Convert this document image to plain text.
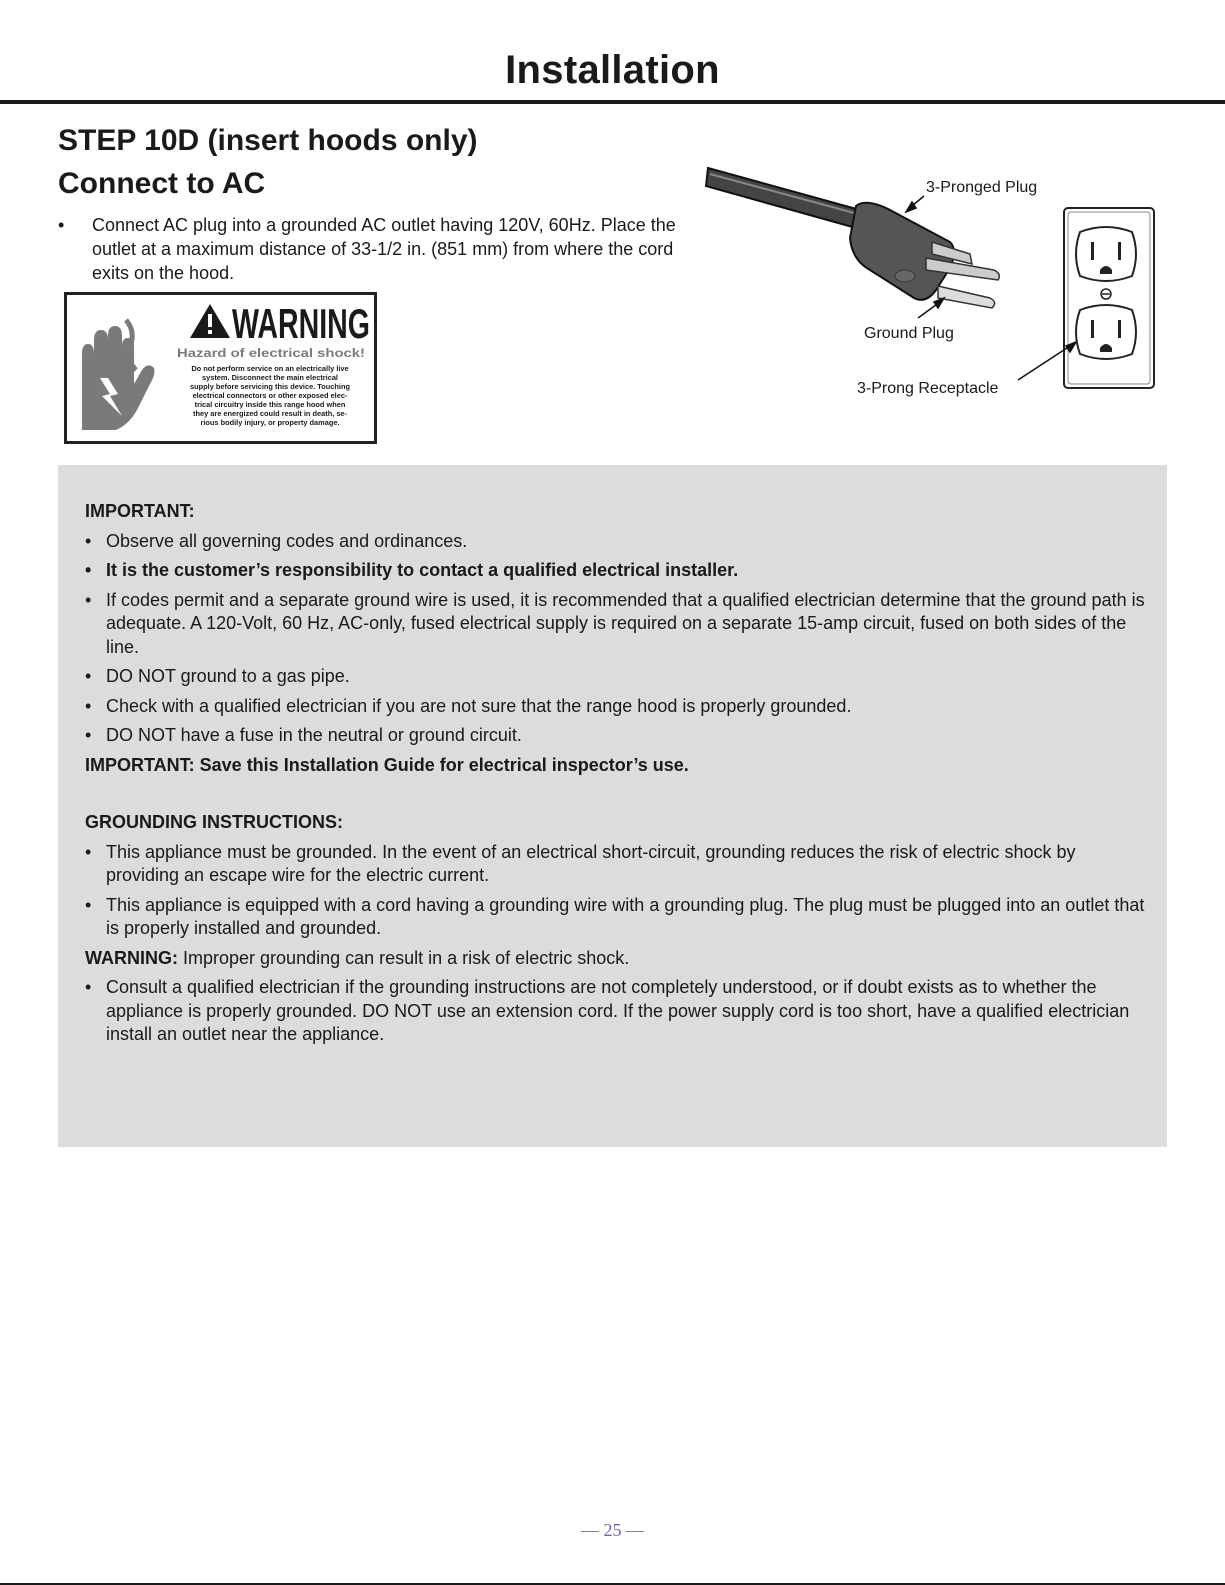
Installation
STEP 10D (insert hoods only)
Connect to AC
• Connect AC plug into a grounded AC outlet having 120V, 60Hz. Place the outlet at a maximum distance of 33-1/2 in. (851 mm) from where the cord exits on the hood.
WARNING
Hazard of electrical shock!
Do not perform service on an electrically live
system. Disconnect the main electrical
supply before servicing this device. Touching
electrical connectors or other exposed elec-
trical circuitry inside this range hood when
they are energized could result in death, se-
rious bodily injury, or property damage.
3-Pronged Plug
Ground Plug
3-Prong Receptacle

IMPORTANT:

• Observe all governing codes and ordinances.
• It is the customer’s responsibility to contact a qualified electrical installer.
• If codes permit and a separate ground wire is used, it is recommended that a qualified electrician determine that the ground path is adequate. A 120-Volt, 60 Hz, AC-only, fused electrical supply is required on a separate 15-amp circuit, fused on both sides of the line.
• DO NOT ground to a gas pipe.
• Check with a qualified electrician if you are not sure that the range hood is properly grounded.
• DO NOT have a fuse in the neutral or ground circuit.

IMPORTANT: Save this Installation Guide for electrical inspector’s use.

GROUNDING INSTRUCTIONS:

• This appliance must be grounded. In the event of an electrical short-circuit, grounding reduces the risk of electric shock by providing an escape wire for the electric current.
• This appliance is equipped with a cord having a grounding wire with a grounding plug. The plug must be plugged into an outlet that is properly installed and grounded.

WARNING: Improper grounding can result in a risk of electric shock.

• Consult a qualified electrician if the grounding instructions are not completely understood, or if doubt exists as to whether the appliance is properly grounded. DO NOT use an extension cord. If the power supply cord is too short, have a qualified electrician install an outlet near the appliance.
— 25 —
